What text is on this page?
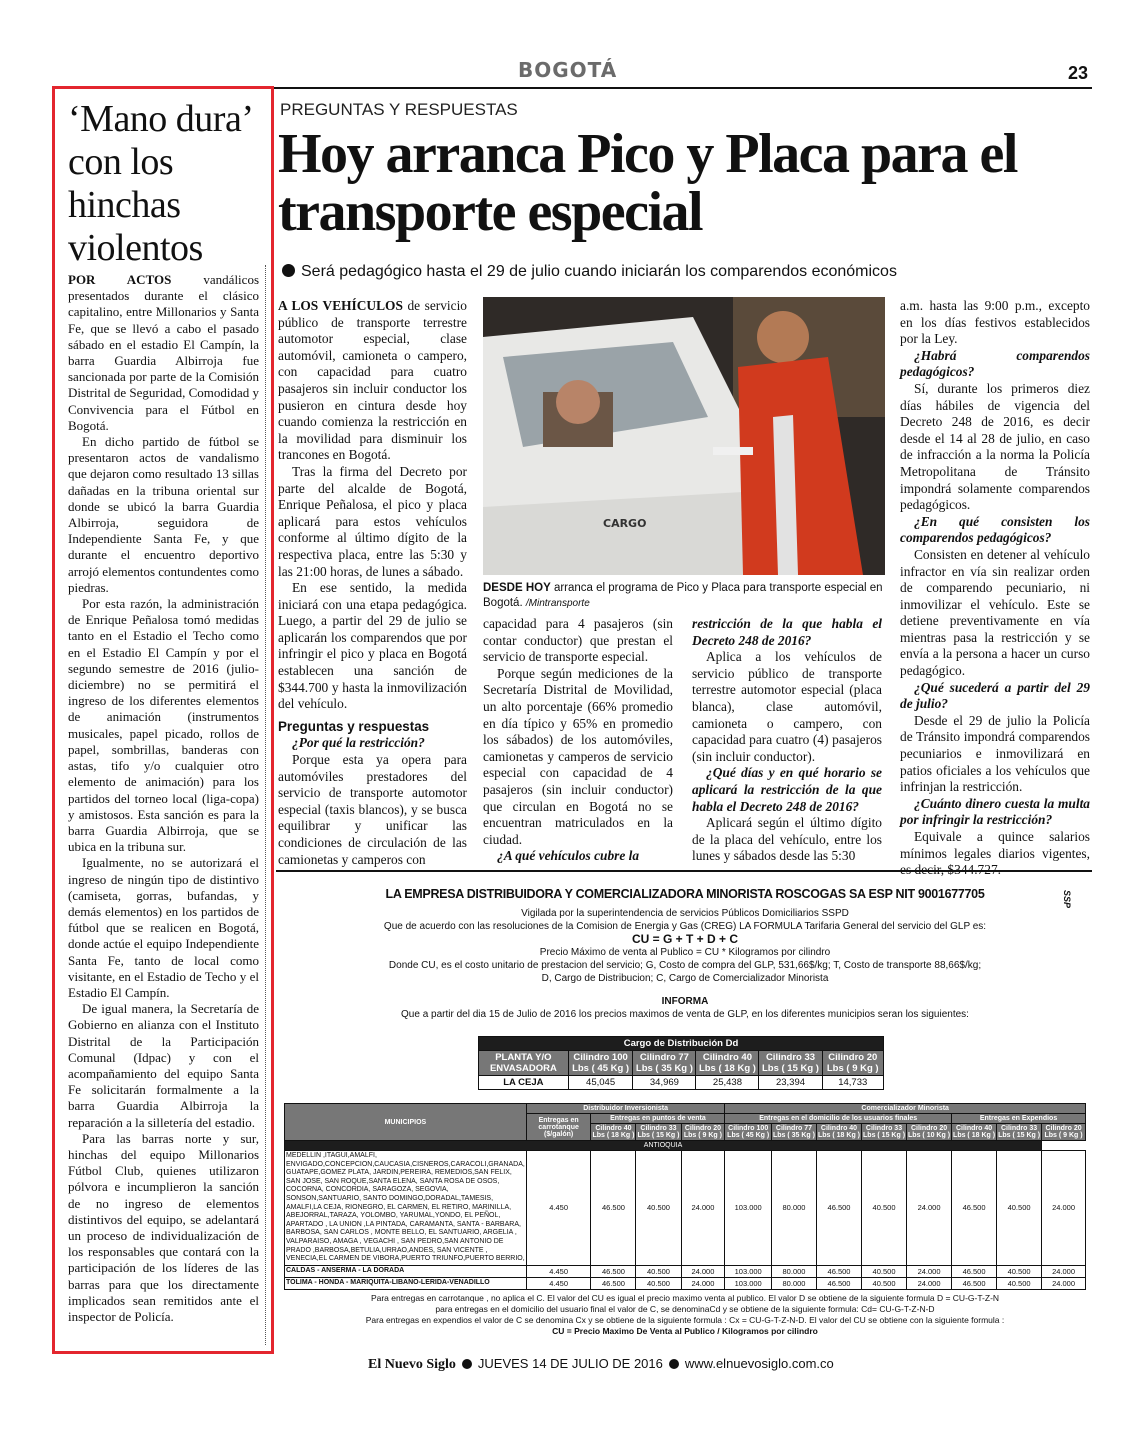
BOGOTÁ	23
‘Mano dura’ con los hinchas violentos

POR ACTOS vandálicos presentados durante el clásico capitalino, entre Millonarios y Santa Fe, que se llevó a cabo el pasado sábado en el estadio El Campín, la barra Guardia Albirroja fue sancionada por parte de la Comisión Distrital de Seguridad, Comodidad y Convivencia para el Fútbol en Bogotá.

En dicho partido de fútbol se presentaron actos de vandalismo que dejaron como resultado 13 sillas dañadas en la tribuna oriental sur donde se ubicó la barra Guardia Albirroja, seguidora de Independiente Santa Fe, y que durante el encuentro deportivo arrojó elementos contundentes como piedras.

Por esta razón, la administración de Enrique Peñalosa tomó medidas tanto en el Estadio el Techo como en el Estadio El Campín y por el segundo semestre de 2016 (julio-diciembre) no se permitirá el ingreso de los diferentes elementos de animación (instrumentos musicales, papel picado, rollos de papel, sombrillas, banderas con astas, tifo y/o cualquier otro elemento de animación) para los partidos del torneo local (liga-copa) y amistosos. Esta sanción es para la barra Guardia Albirroja, que se ubica en la tribuna sur.

Igualmente, no se autorizará el ingreso de ningún tipo de distintivo (camiseta, gorras, bufandas, y demás elementos) en los partidos de fútbol que se realicen en Bogotá, donde actúe el equipo Independiente Santa Fe, tanto de local como visitante, en el Estadio de Techo y el Estadio El Campín.

De igual manera, la Secretaría de Gobierno en alianza con el Instituto Distrital de la Participación Comunal (Idpac) y con el acompañamiento del equipo Santa Fe solicitarán formalmente a la barra Guardia Albirroja la reparación a la silletería del estadio.

Para las barras norte y sur, hinchas del equipo Millonarios Fútbol Club, quienes utilizaron pólvora e incumplieron la sanción de no ingreso de elementos distintivos del equipo, se adelantará un proceso de individualización de los responsables que contará con la participación de los líderes de las barras para que los directamente implicados sean remitidos ante el inspector de Policía.

PREGUNTAS Y RESPUESTAS
Hoy arranca Pico y Placa para el transporte especial
Será pedagógico hasta el 29 de julio cuando iniciarán los comparendos económicos

A LOS VEHÍCULOS de servicio público de transporte terrestre automotor especial, clase automóvil, camioneta o campero, con capacidad para cuatro pasajeros sin incluir conductor los pusieron en cintura desde hoy cuando comienza la restricción en la movilidad para disminuir los trancones en Bogotá.

Tras la firma del Decreto por parte del alcalde de Bogotá, Enrique Peñalosa, el pico y placa aplicará para estos vehículos conforme al último dígito de la respectiva placa, entre las 5:30 y las 21:00 horas, de lunes a sábado.

En ese sentido, la medida iniciará con una etapa pedagógica. Luego, a partir del 29 de julio se aplicarán los comparendos que por infringir el pico y placa en Bogotá establecen una sanción de $344.700 y hasta la inmovilización del vehículo.

Preguntas y respuestas

¿Por qué la restricción?

Porque esta ya opera para automóviles prestadores del servicio de transporte automotor especial (taxis blancos), y se busca equilibrar y unificar las condiciones de circulación de las camionetas y camperos con

CARGO
DESDE HOY arranca el programa de Pico y Placa para transporte especial en Bogotá. /Mintransporte

capacidad para 4 pasajeros (sin contar conductor) que prestan el servicio de transporte especial.

Porque según mediciones de la Secretaría Distrital de Movilidad, un alto porcentaje (66% promedio en día típico y 65% en promedio los sábados) de los automóviles, camionetas y camperos de servicio especial con capacidad de 4 pasajeros (sin incluir conductor) que circulan en Bogotá no se encuentran matriculados en la ciudad.

¿A qué vehículos cubre la

restricción de la que habla el Decreto 248 de 2016?

Aplica a los vehículos de servicio público de transporte terrestre automotor especial (placa blanca), clase automóvil, camioneta o campero, con capacidad para cuatro (4) pasajeros (sin incluir conductor).

¿Qué días y en qué horario se aplicará la restricción de la que habla el Decreto 248 de 2016?

Aplicará según el último dígito de la placa del vehículo, entre los lunes y sábados desde las 5:30

a.m. hasta las 9:00 p.m., excepto en los días festivos establecidos por la Ley.

¿Habrá comparendos pedagógicos?

Sí, durante los primeros diez días hábiles de vigencia del Decreto 248 de 2016, es decir desde el 14 al 28 de julio, en caso de infracción a la norma la Policía Metropolitana de Tránsito impondrá solamente comparendos pedagógicos.

¿En qué consisten los comparendos pedagógicos?

Consisten en detener al vehículo infractor en vía sin realizar orden de comparendo pecuniario, ni inmovilizar el vehículo. Este se detiene preventivamente en vía mientras pasa la restricción y se envía a la persona a hacer un curso pedagógico.

¿Qué sucederá a partir del 29 de julio?

Desde el 29 de julio la Policía de Tránsito impondrá comparendos pecuniarios e inmovilizará en patios oficiales a los vehículos que infrinjan la restricción.

¿Cuánto dinero cuesta la multa por infringir la restricción?

Equivale a quince salarios mínimos legales diarios vigentes,

LA EMPRESA DISTRIBUIDORA Y COMERCIALIZADORA MINORISTA ROSCOGAS SA ESP NIT 9001677705	SSP
Vigilada por la superintendencia de servicios Públicos Domiciliarios SSPD
Que de acuerdo con las resoluciones de la Comision de Energia y Gas (CREG) LA FORMULA Tarifaria General del servicio del GLP es:
CU = G + T + D + C
Precio Máximo de venta al Publico = CU * Kilogramos por cilindro
Donde CU, es el costo unitario de prestacion del servicio; G, Costo de compra del GLP, 531,66$/kg; T, Costo de transporte 88,66$/kg;
D, Cargo de Distribucion; C, Cargo de Comercializador Minorista
INFORMA
Que a partir del dia 15 de Julio de 2016 los precios maximos de venta de GLP, en los diferentes municipios seran los siguientes:
Cargo de Distribución Dd					
PLANTA Y/O ENVASADORA	Cilindro 100 Lbs ( 45 Kg )	Cilindro 77 Lbs ( 35 Kg )	Cilindro 40 Lbs ( 18 Kg )	Cilindro 33 Lbs ( 15 Kg )	Cilindro 20 Lbs ( 9 Kg )
LA CEJA	45,045	34,969	25,438	23,394	14,733
MUNICIPIOS	Distribuidor Inversionista				Comercializador Minorista							
	Entregas en carrotanque ($/galón)	Entregas en puntos de venta			Entregas en el domicilio de los usuarios finales					Entregas en Expendios		
		Cilindro 40 Lbs ( 18 Kg )	Cilindro 33 Lbs ( 15 Kg )	Cilindro 20 Lbs ( 9 Kg )	Cilindro 100 Lbs ( 45 Kg )	Cilindro 77 Lbs ( 35 Kg )	Cilindro 40 Lbs ( 18 Kg )	Cilindro 33 Lbs ( 15 Kg )	Cilindro 20 Lbs ( 10 Kg )	Cilindro 40 Lbs ( 18 Kg )	Cilindro 33 Lbs ( 15 Kg )	Cilindro 20 Lbs ( 9 Kg )
ANTIOQUIA												
MEDELLIN ,ITAGUI,AMALFI, ENVIGADO,CONCEPCION,CAUCASIA,CISNEROS,CARACOLI,GRANADA, GUATAPE,GOMEZ PLATA, JARDIN,PEREIRA, REMEDIOS,SAN FELIX, SAN JOSE, SAN ROQUE,SANTA ELENA, SANTA ROSA DE OSOS, COCORNA, CONCORDIA, SARAGOZA, SEGOVIA, SONSON,SANTUARIO, SANTO DOMINGO,DORADAL,TAMESIS, AMALFI,LA CEJA, RIONEGRO, EL CARMEN, EL RETIRO, MARINILLA, ABEJORRAL,TARAZA, YOLOMBO, YARUMAL,YONDO, EL PEÑOL, APARTADO , LA UNION ,LA PINTADA, CARAMANTA, SANTA - BARBARA, BARBOSA, SAN CARLOS , MONTE BELLO, EL SANTUARIO, ARGELIA , VALPARAISO, AMAGA , VEGACHI , SAN PEDRO,SAN ANTONIO DE PRADO ,BARBOSA,BETULIA,URRAO,ANDES, SAN VICENTE , VENECIA,EL CARMEN DE VIBORA,PUERTO TRIUNFO,PUERTO BERRIO,	4.450	46.500	40.500	24.000	103.000	80.000	46.500	40.500	24.000	46.500	40.500	24.000
CALDAS - ANSERMA - LA DORADA	4.450	46.500	40.500	24.000	103.000	80.000	46.500	40.500	24.000	46.500	40.500	24.000
TOLIMA - HONDA - MARIQUITA-LIBANO-LERIDA-VENADILLO	4.450	46.500	40.500	24.000	103.000	80.000	46.500	40.500	24.000	46.500	40.500	24.000
Para entregas en carrotanque , no aplica el C. El valor del CU es igual el precio maximo venta al publico. El valor D se obtiene de la siguiente formula D = CU-G-T-Z-N
para entregas en el domicilio del usuario final el valor de C, se denominaCd y se obtiene de la siguiente formula: Cd= CU-G-T-Z-N-D
Para entregas en expendios el valor de C se denomina Cx y se obtiene de la siguiente formula : Cx = CU-G-T-Z-N-D. El valor del CU se obtiene con la siguiente formula :
CU = Precio Maximo De Venta al Publico / Kilogramos por cilindro
El Nuevo Siglo JUEVES 14 DE JULIO DE 2016 www.elnuevosiglo.com.co
